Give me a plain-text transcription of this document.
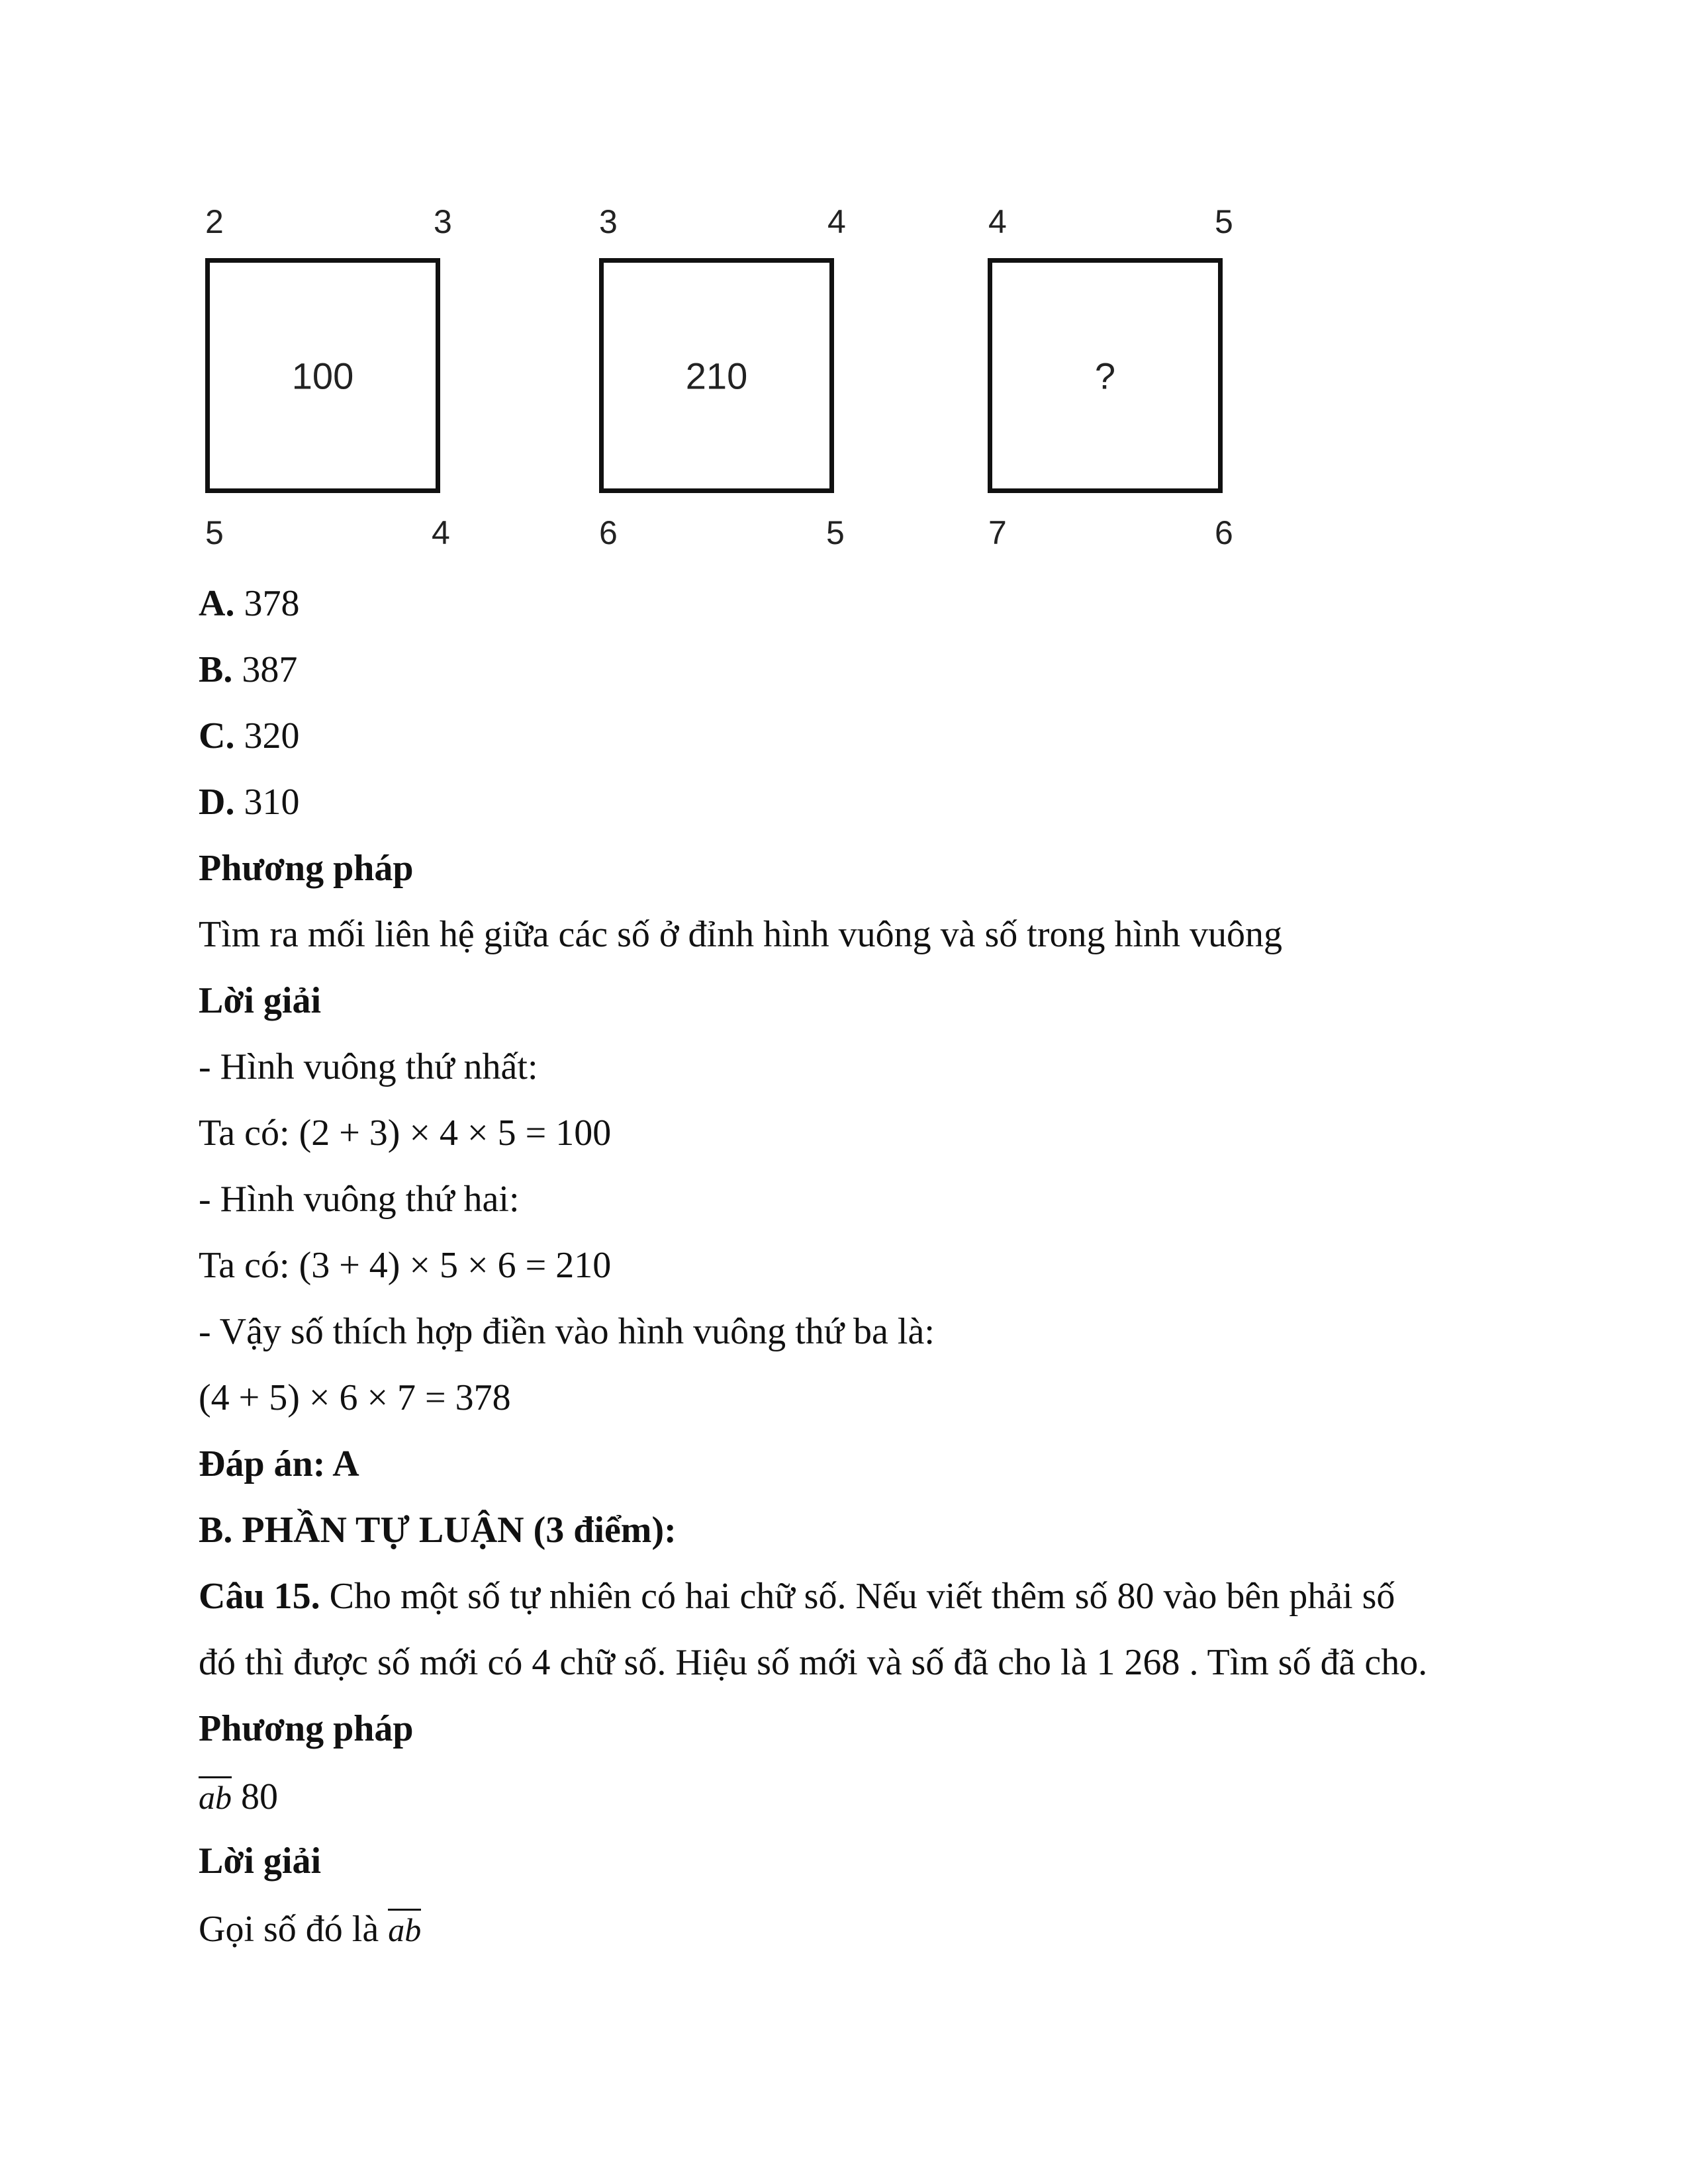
2	3
100
5	4
3	4
210
6	5
4	5
?
7	6
A. 378
B. 387
C. 320
D. 310
Phương pháp
Tìm ra mối liên hệ giữa các số ở đỉnh hình vuông và số trong hình vuông
Lời giải
- Hình vuông thứ nhất:
Ta có: (2 + 3) × 4 × 5 = 100
- Hình vuông thứ hai:
Ta có: (3 + 4) × 5 × 6 = 210
- Vậy số thích hợp điền vào hình vuông thứ ba là:
(4 + 5) × 6 × 7 = 378
Đáp án: A
B. PHẦN TỰ LUẬN (3 điểm):
Câu 15. Cho một số tự nhiên có hai chữ số. Nếu viết thêm số 80 vào bên phải số
đó thì được số mới có 4 chữ số. Hiệu số mới và số đã cho là 1 268 . Tìm số đã cho.
Phương pháp
ab 80
Lời giải
Gọi số đó là ab
